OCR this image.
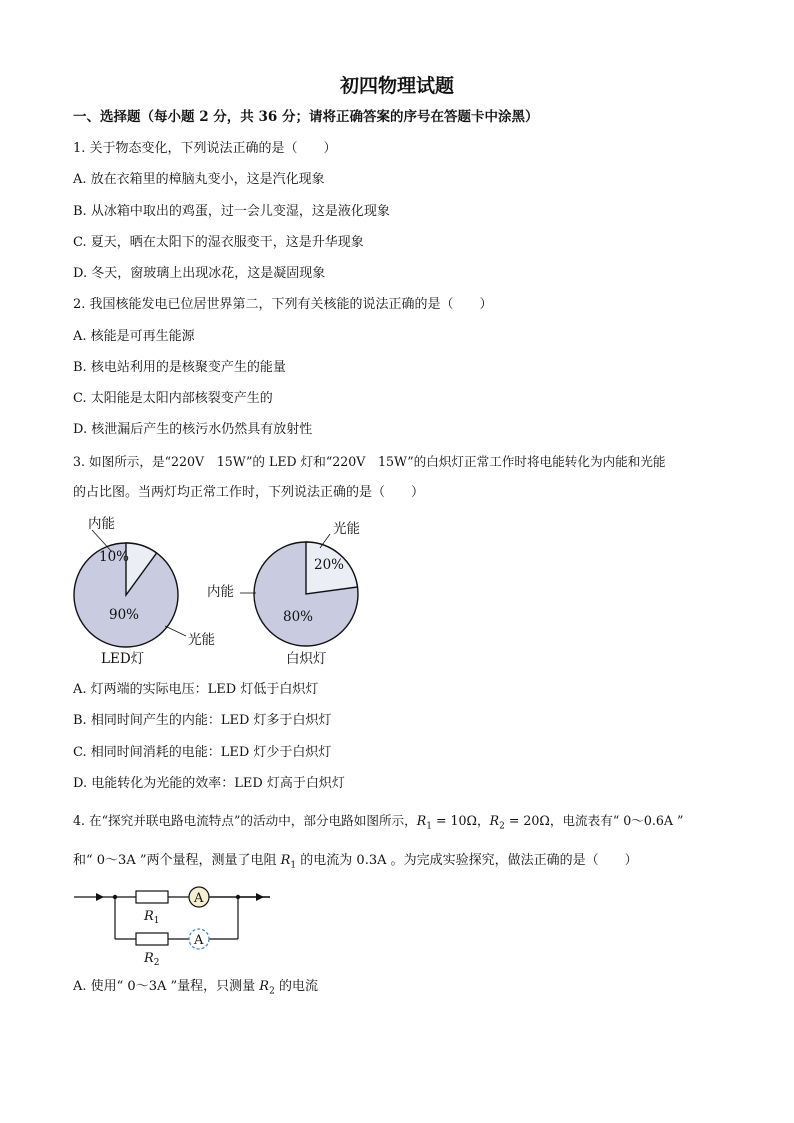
初四物理试题
一、选择题（每小题 2 分，共 36 分；请将正确答案的序号在答题卡中涂黑）
1. 关于物态变化，下列说法正确的是（　　）
A. 放在衣箱里的樟脑丸变小，这是汽化现象
B. 从冰箱中取出的鸡蛋，过一会儿变湿，这是液化现象
C. 夏天，晒在太阳下的湿衣服变干，这是升华现象
D. 冬天，窗玻璃上出现冰花，这是凝固现象
2. 我国核能发电已位居世界第二，下列有关核能的说法正确的是（　　）
A. 核能是可再生能源
B. 核电站利用的是核聚变产生的能量
C. 太阳能是太阳内部核裂变产生的
D. 核泄漏后产生的核污水仍然具有放射性
3. 如图所示，是“220V　15W”的 LED 灯和“220V　15W”的白炽灯正常工作时将电能转化为内能和光能
的占比图。当两灯均正常工作时，下列说法正确的是（　　）
内能
10%
90%
光能
LED灯
光能
20%
内能
80%
白炽灯
A. 灯两端的实际电压：LED 灯低于白炽灯
B. 相同时间产生的内能：LED 灯多于白炽灯
C. 相同时间消耗的电能：LED 灯少于白炽灯
D. 电能转化为光能的效率：LED 灯高于白炽灯
4. 在“探究并联电路电流特点”的活动中，部分电路如图所示，$R_1 = 10\Omega$，$R_2 = 20\Omega$，电流表有“ 0～0.6A ”
和“ 0～3A ”两个量程，测量了电阻 $R_1$ 的电流为 0.3A 。为完成实验探究，做法正确的是（　　）
A
A
$R_1$
$R_2$
A. 使用“ 0～3A ”量程，只测量 $R_2$ 的电流
